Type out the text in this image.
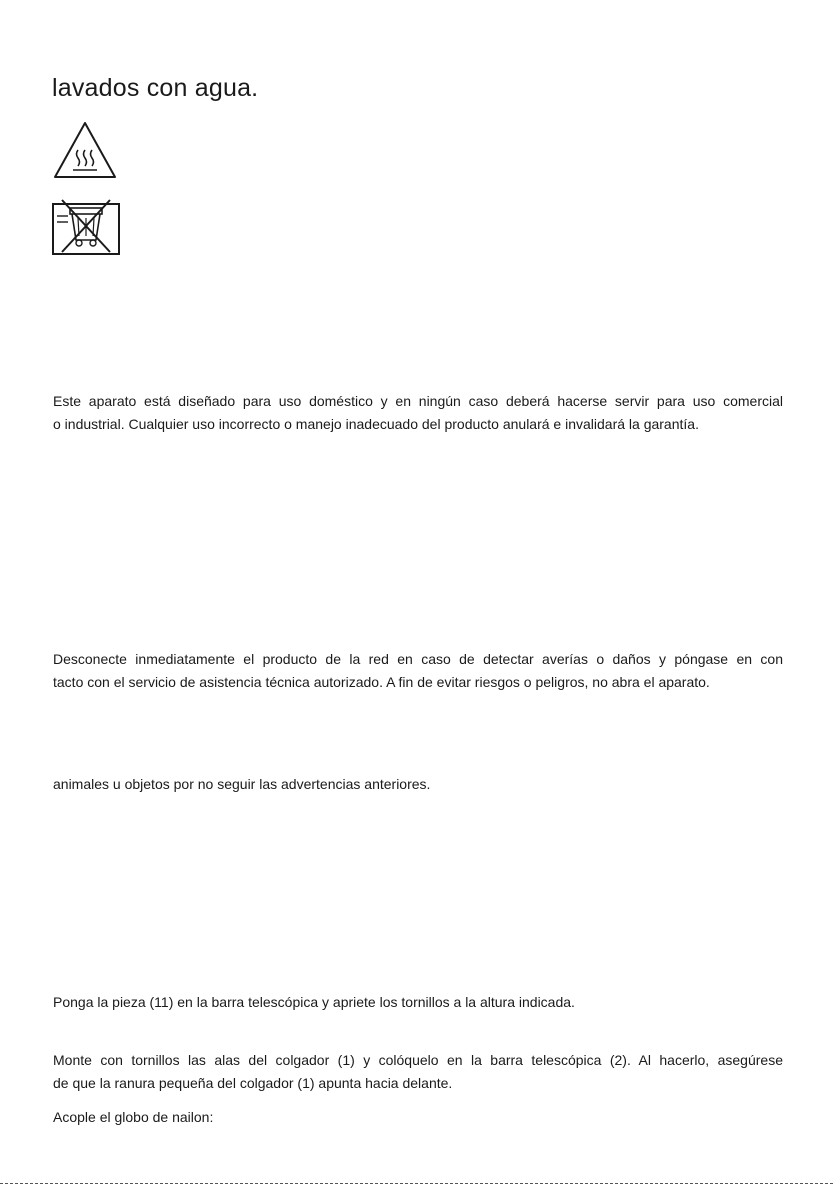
lavados con agua.
Este aparato está diseñado para uso doméstico y en ningún caso deberá hacerse servir para uso comercial
o industrial. Cualquier uso incorrecto o manejo inadecuado del producto anulará e invalidará la garantía.
Desconecte inmediatamente el producto de la red en caso de detectar averías o daños y póngase en con
tacto con el servicio de asistencia técnica autorizado. A fin de evitar riesgos o peligros, no abra el aparato.
animales u objetos por no seguir las advertencias anteriores.
Ponga la pieza (11) en la barra telescópica y apriete los tornillos a la altura indicada.
Monte con tornillos las alas del colgador (1) y colóquelo en la barra telescópica (2). Al hacerlo, asegúrese
de que la ranura pequeña del colgador (1) apunta hacia delante.
Acople el globo de nailon:
